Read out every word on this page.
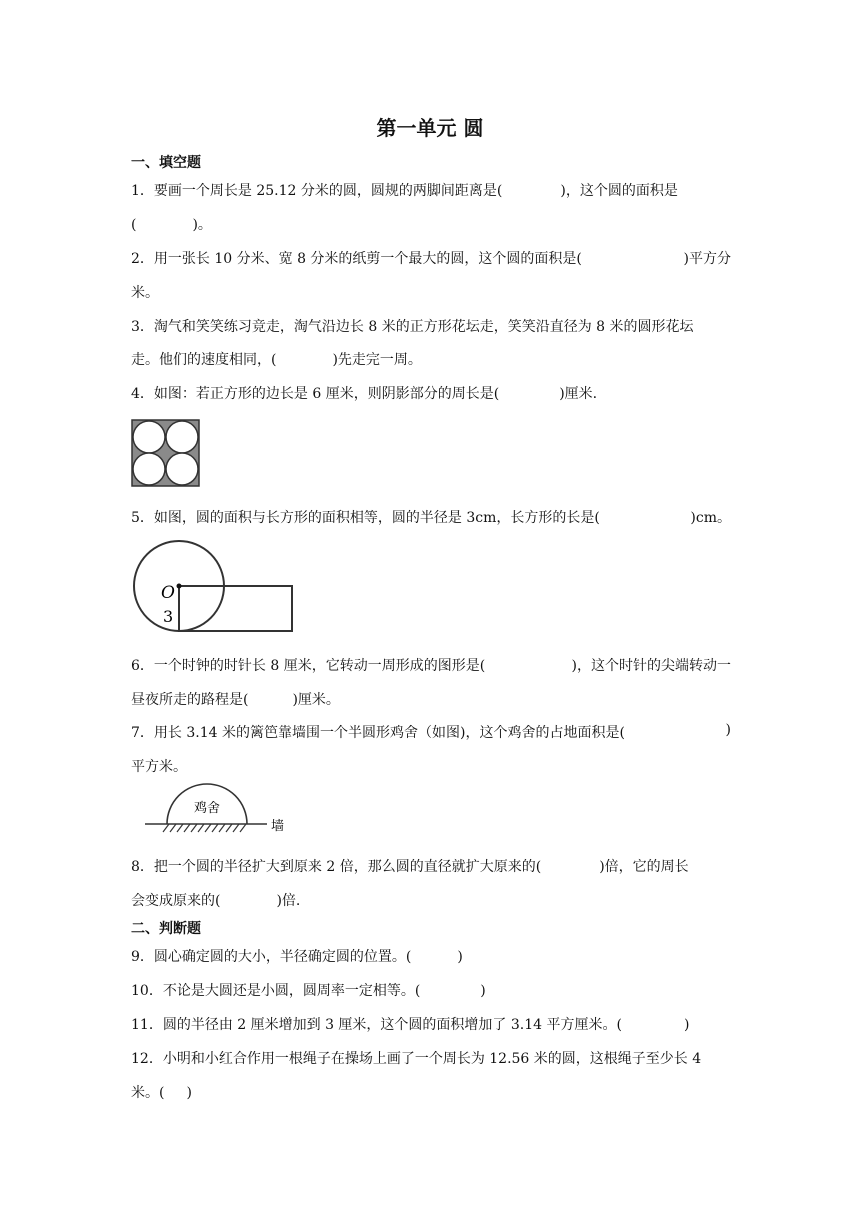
第一单元 圆
一、填空题
1．要画一个周长是 25.12 分米的圆，圆规的两脚间距离是(	)，这个圆的面积是
(	)。
2．用一张长 10 分米、宽 8 分米的纸剪一个最大的圆，这个圆的面积是(	)平方分
米。
3．淘气和笑笑练习竞走，淘气沿边长 8 米的正方形花坛走，笑笑沿直径为 8 米的圆形花坛
走。他们的速度相同，(	)先走完一周。
4．如图：若正方形的边长是 6 厘米，则阴影部分的周长是(	)厘米.
5．如图，圆的面积与长方形的面积相等，圆的半径是 3cm，长方形的长是(	)cm。
O
3
6．一个时钟的时针长 8 厘米，它转动一周形成的图形是(	)，这个时针的尖端转动一
昼夜所走的路程是(	)厘米。
7．用长 3.14 米的篱笆靠墙围一个半圆形鸡舍（如图)，这个鸡舍的占地面积是(	)
平方米。
鸡舍
墙
8．把一个圆的半径扩大到原来 2 倍，那么圆的直径就扩大原来的(	)倍，它的周长
会变成原来的(	)倍.
二、判断题
9．圆心确定圆的大小，半径确定圆的位置。(	)
10．不论是大圆还是小圆，圆周率一定相等。(	)
11．圆的半径由 2 厘米增加到 3 厘米，这个圆的面积增加了 3.14 平方厘米。(	)
12．小明和小红合作用一根绳子在操场上画了一个周长为 12.56 米的圆，这根绳子至少长 4
米。( )
